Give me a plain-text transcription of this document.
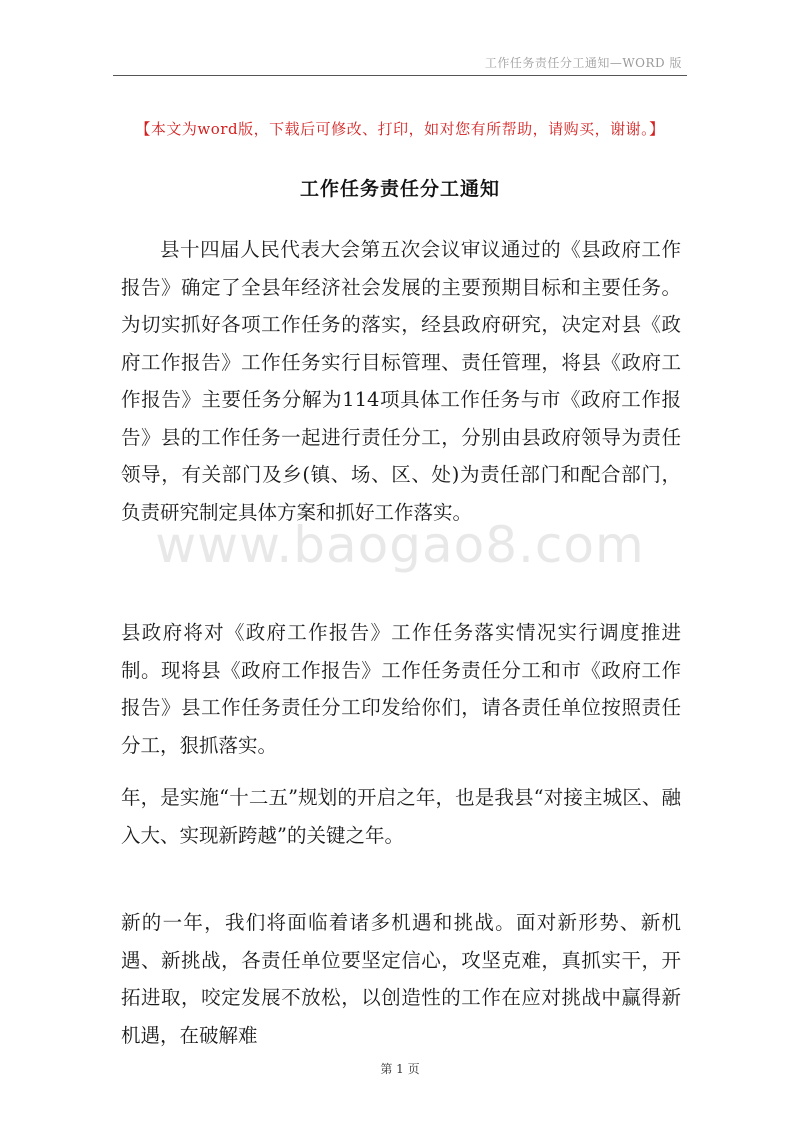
工作任务责任分工通知—WORD 版
【本文为word版，下载后可修改、打印，如对您有所帮助，请购买，谢谢。】
工作任务责任分工通知

县十四届人民代表大会第五次会议审议通过的《县政府工作报告》确定了全县年经济社会发展的主要预期目标和主要任务。为切实抓好各项工作任务的落实，经县政府研究，决定对县《政府工作报告》工作任务实行目标管理、责任管理，将县《政府工作报告》主要任务分解为114项具体工作任务与市《政府工作报告》县的工作任务一起进行责任分工，分别由县政府领导为责任领导，有关部门及乡(镇、场、区、处)为责任部门和配合部门，负责研究制定具体方案和抓好工作落实。

www.baogao8.com

县政府将对《政府工作报告》工作任务落实情况实行调度推进制。现将县《政府工作报告》工作任务责任分工和市《政府工作报告》县工作任务责任分工印发给你们，请各责任单位按照责任分工，狠抓落实。

年，是实施“十二五”规划的开启之年，也是我县“对接主城区、融入大、实现新跨越”的关键之年。

新的一年，我们将面临着诸多机遇和挑战。面对新形势、新机遇、新挑战，各责任单位要坚定信心，攻坚克难，真抓实干，开拓进取，咬定发展不放松，以创造性的工作在应对挑战中赢得新机遇，在破解难

第 1 页
